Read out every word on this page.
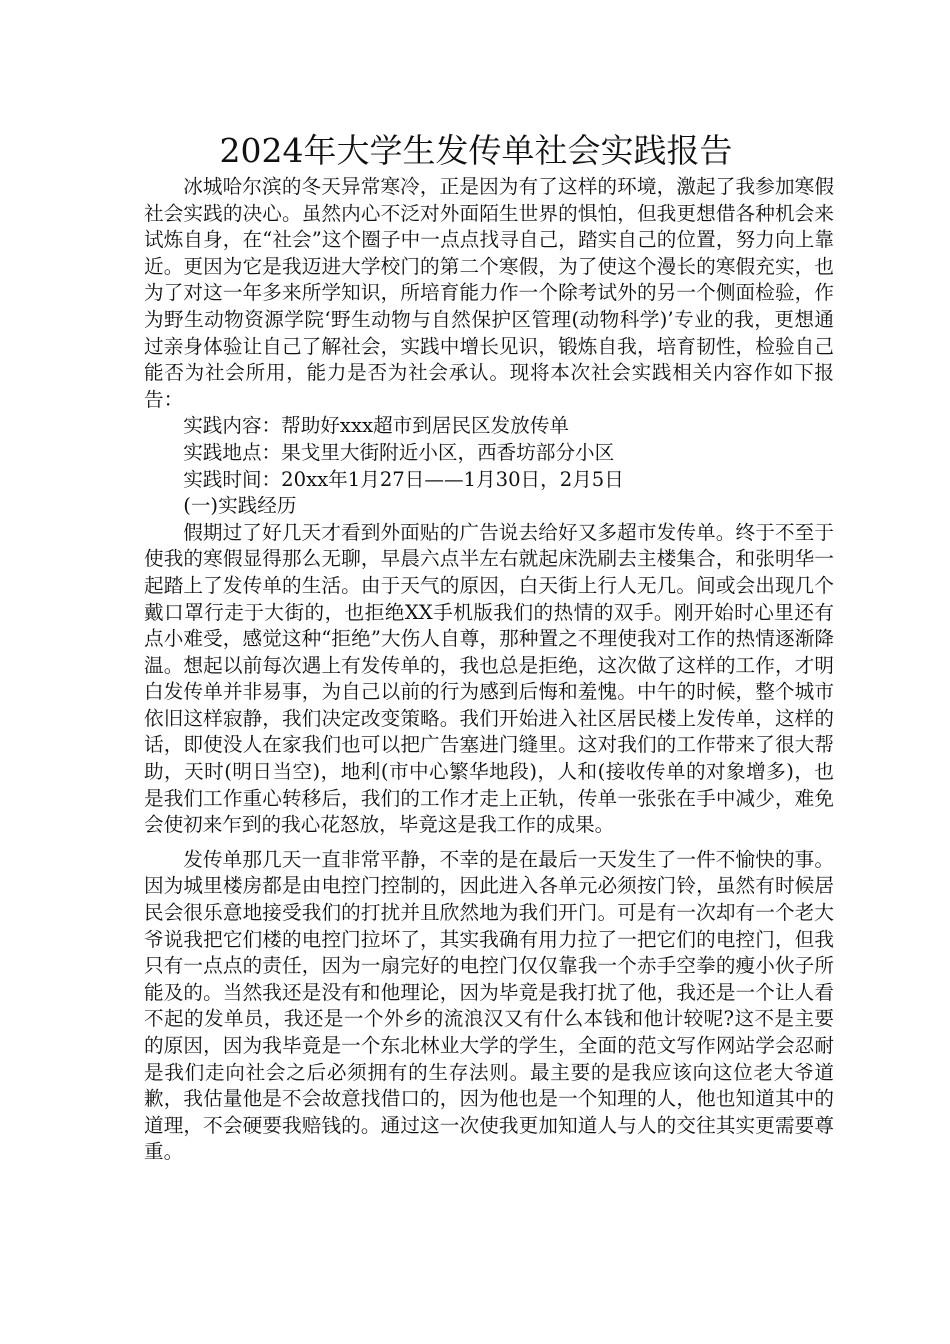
2024年大学生发传单社会实践报告

冰城哈尔滨的冬天异常寒冷，正是因为有了这样的环境，激起了我参加寒假社会实践的决心。虽然内心不泛对外面陌生世界的惧怕，但我更想借各种机会来试炼自身，在“社会”这个圈子中一点点找寻自己，踏实自己的位置，努力向上靠近。更因为它是我迈进大学校门的第二个寒假，为了使这个漫长的寒假充实，也为了对这一年多来所学知识，所培育能力作一个除考试外的另一个侧面检验，作为野生动物资源学院‘野生动物与自然保护区管理(动物科学)’专业的我，更想通过亲身体验让自己了解社会，实践中增长见识，锻炼自我，培育韧性，检验自己能否为社会所用，能力是否为社会承认。现将本次社会实践相关内容作如下报告：

实践内容：帮助好xxx超市到居民区发放传单

实践地点：果戈里大街附近小区，西香坊部分小区

实践时间：20xx年1月27日——1月30日，2月5日

(一)实践经历

假期过了好几天才看到外面贴的广告说去给好又多超市发传单。终于不至于使我的寒假显得那么无聊，早晨六点半左右就起床洗刷去主楼集合，和张明华一起踏上了发传单的生活。由于天气的原因，白天街上行人无几。间或会出现几个戴口罩行走于大街的，也拒绝XX手机版我们的热情的双手。刚开始时心里还有点小难受，感觉这种“拒绝”大伤人自尊，那种置之不理使我对工作的热情逐渐降温。想起以前每次遇上有发传单的，我也总是拒绝，这次做了这样的工作，才明白发传单并非易事，为自己以前的行为感到后悔和羞愧。中午的时候，整个城市依旧这样寂静，我们决定改变策略。我们开始进入社区居民楼上发传单，这样的话，即使没人在家我们也可以把广告塞进门缝里。这对我们的工作带来了很大帮助，天时(明日当空)，地利(市中心繁华地段)，人和(接收传单的对象增多)，也是我们工作重心转移后，我们的工作才走上正轨，传单一张张在手中减少，难免会使初来乍到的我心花怒放，毕竟这是我工作的成果。

发传单那几天一直非常平静，不幸的是在最后一天发生了一件不愉快的事。因为城里楼房都是由电控门控制的，因此进入各单元必须按门铃，虽然有时候居民会很乐意地接受我们的打扰并且欣然地为我们开门。可是有一次却有一个老大爷说我把它们楼的电控门拉坏了，其实我确有用力拉了一把它们的电控门，但我只有一点点的责任，因为一扇完好的电控门仅仅靠我一个赤手空拳的瘦小伙子所能及的。当然我还是没有和他理论，因为毕竟是我打扰了他，我还是一个让人看不起的发单员，我还是一个外乡的流浪汉又有什么本钱和他计较呢?这不是主要的原因，因为我毕竟是一个东北林业大学的学生，全面的范文写作网站学会忍耐是我们走向社会之后必须拥有的生存法则。最主要的是我应该向这位老大爷道歉，我估量他是不会故意找借口的，因为他也是一个知理的人，他也知道其中的道理，不会硬要我赔钱的。通过这一次使我更加知道人与人的交往其实更需要尊重。
